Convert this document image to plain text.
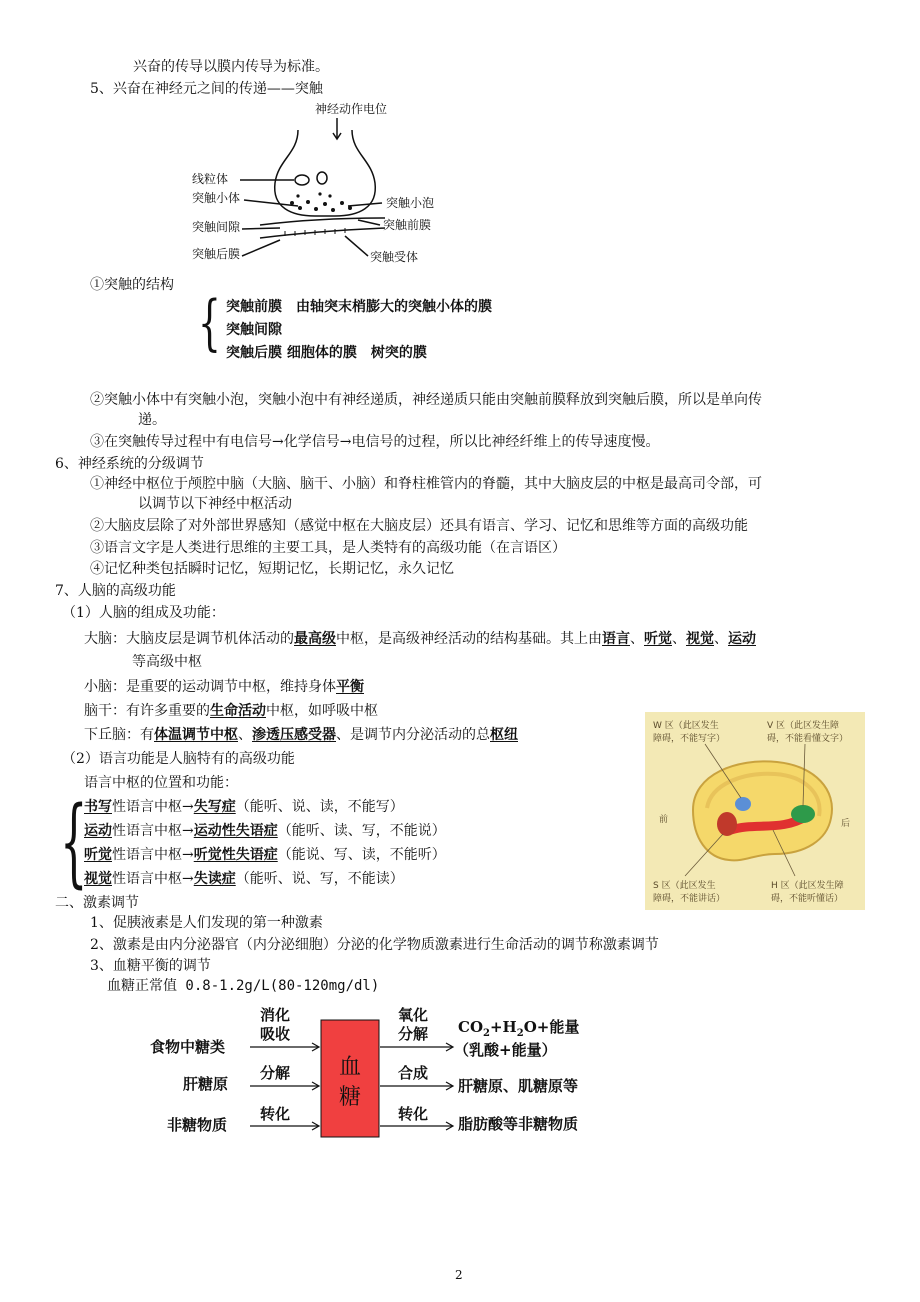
兴奋的传导以膜内传导为标准。
5、兴奋在神经元之间的传递——突触
神经动作电位
线粒体
突触小体	突触小泡
突触前膜
突触间隙
突触后膜	突触受体
①突触的结构
{ 突触前膜　由轴突末梢膨大的突触小体的膜
突触间隙
突触后膜 细胞体的膜　树突的膜
②突触小体中有突触小泡，突触小泡中有神经递质，神经递质只能由突触前膜释放到突触后膜，所以是单向传
递。
③在突触传导过程中有电信号→化学信号→电信号的过程，所以比神经纤维上的传导速度慢。
6、神经系统的分级调节
①神经中枢位于颅腔中脑（大脑、脑干、小脑）和脊柱椎管内的脊髓，其中大脑皮层的中枢是最高司令部，可
以调节以下神经中枢活动
②大脑皮层除了对外部世界感知（感觉中枢在大脑皮层）还具有语言、学习、记忆和思维等方面的高级功能
③语言文字是人类进行思维的主要工具，是人类特有的高级功能（在言语区）
④记忆种类包括瞬时记忆，短期记忆，长期记忆，永久记忆
7、人脑的高级功能
（1）人脑的组成及功能：
大脑：大脑皮层是调节机体活动的最高级中枢，是高级神经活动的结构基础。其上由语言、听觉、视觉、运动
等高级中枢
小脑：是重要的运动调节中枢，维持身体平衡
脑干：有许多重要的生命活动中枢，如呼吸中枢
下丘脑：有体温调节中枢、渗透压感受器、是调节内分泌活动的总枢纽
（2）语言功能是人脑特有的高级功能
语言中枢的位置和功能：
{
书写性语言中枢→失写症（能听、说、读，不能写）
运动性语言中枢→运动性失语症（能听、读、写，不能说）
听觉性语言中枢→听觉性失语症（能说、写、读，不能听）
视觉性语言中枢→失读症（能听、说、写，不能读）
W 区（此区发生
障碍，不能写字）
V 区（此区发生障
碍，不能看懂文字）
前	后
S 区（此区发生
障碍，不能讲话）
H 区（此区发生障
碍，不能听懂话）
二、激素调节
1、促胰液素是人们发现的第一种激素
2、激素是由内分泌器官（内分泌细胞）分泌的化学物质激素进行生命活动的调节称激素调节
3、血糖平衡的调节
血糖正常值 0.8-1.2g/L(80-120mg/dl)
食物中糖类
肝糖原
非糖物质
消化
吸收
分解
转化
氧化
分解
合成
转化
$CO_2+H_2O+$能量
（乳酸+能量）
肝糖原、肌糖原等
脂肪酸等非糖物质
血
糖
2
